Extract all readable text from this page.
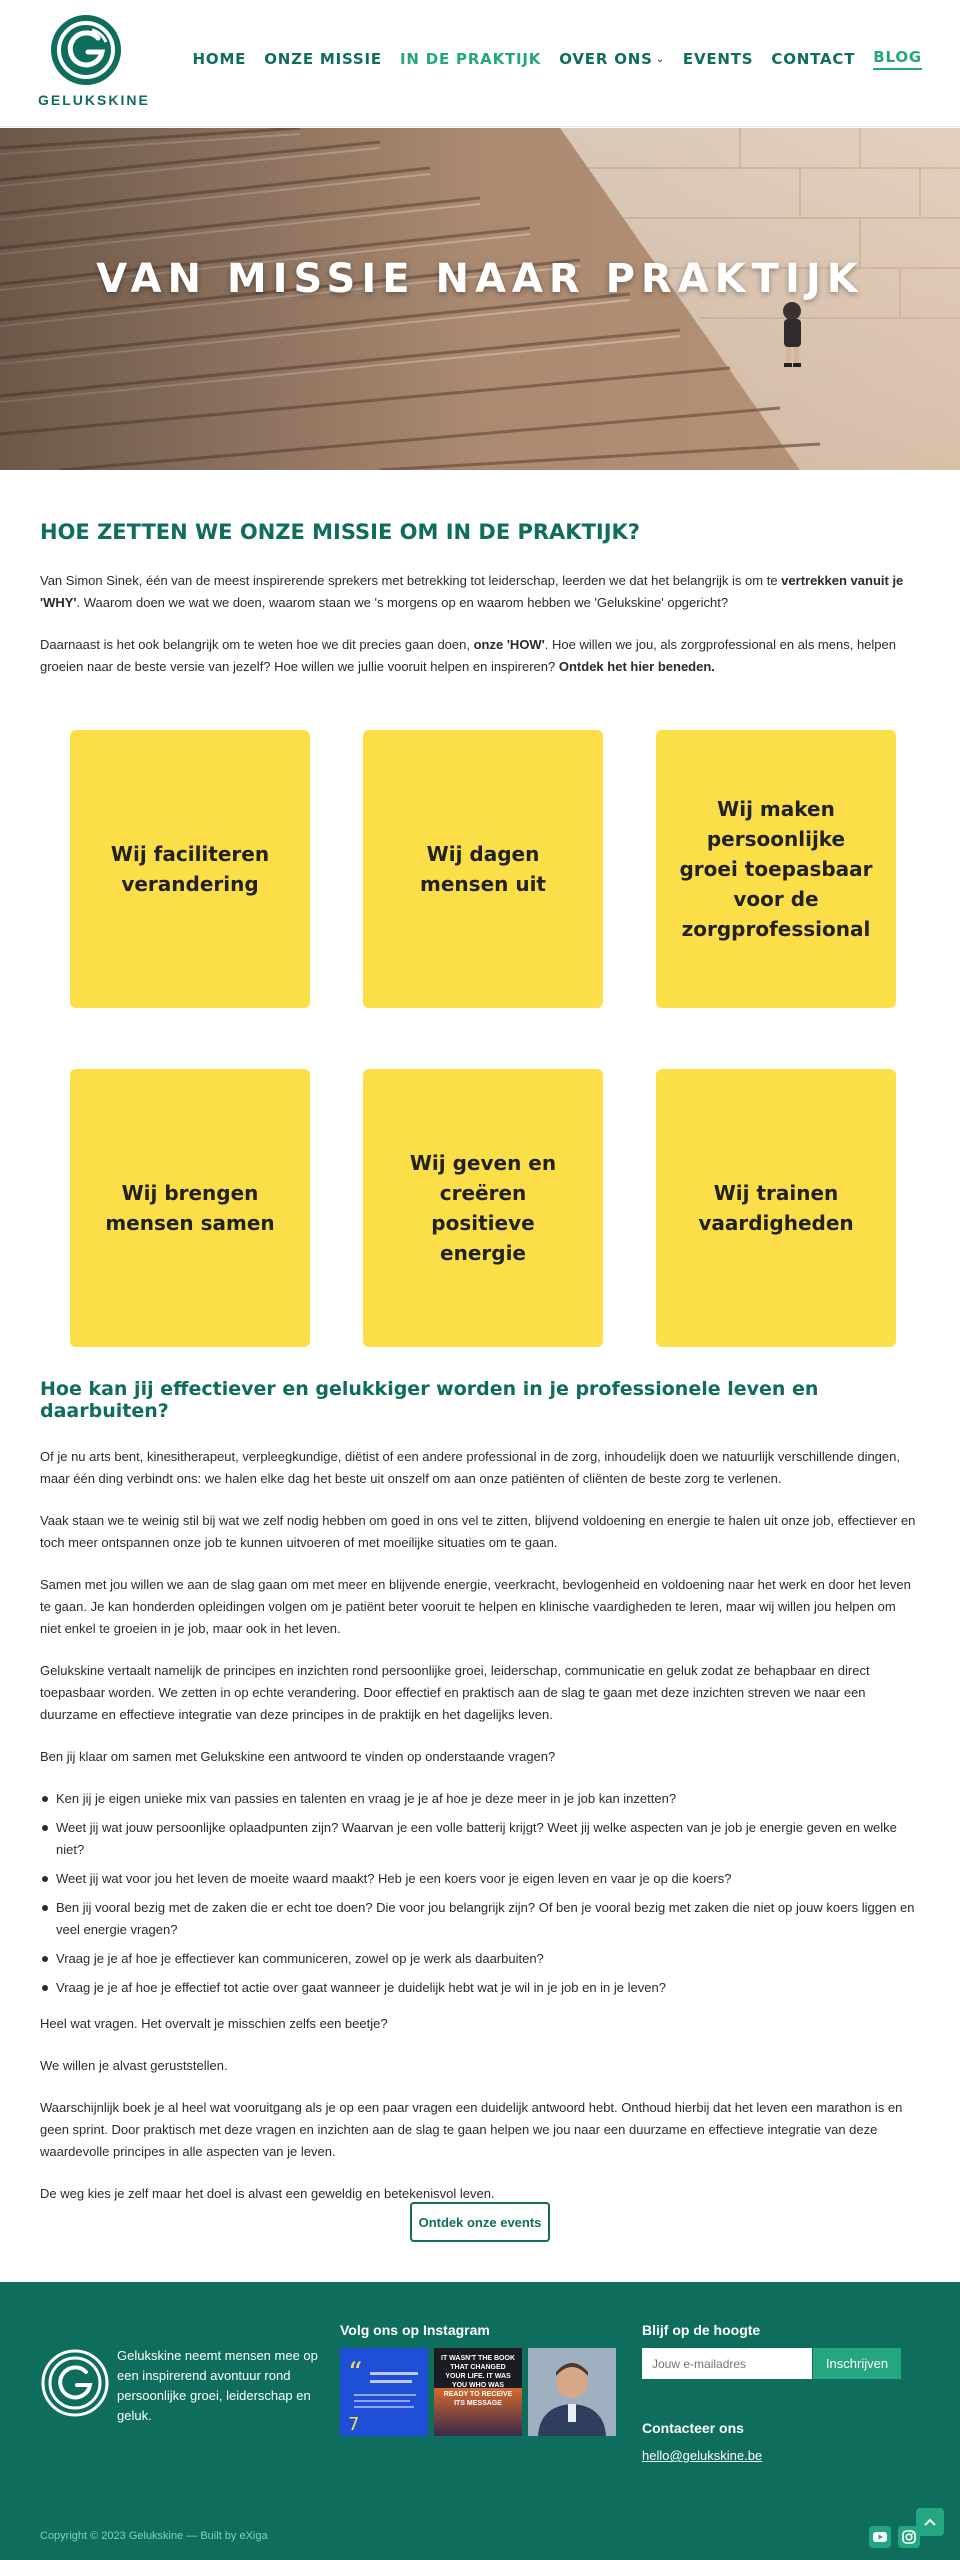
GELUKSKINE
HOME ONZE MISSIE IN DE PRAKTIJK OVER ONS ⌄ EVENTS CONTACT BLOG
VAN MISSIE NAAR PRAKTIJK
HOE ZETTEN WE ONZE MISSIE OM IN DE PRAKTIJK?

Van Simon Sinek, één van de meest inspirerende sprekers met betrekking tot leiderschap, leerden we dat het belangrijk is om te vertrekken vanuit je 'WHY'. Waarom doen we wat we doen, waarom staan we 's morgens op en waarom hebben we 'Gelukskine' opgericht?

Daarnaast is het ook belangrijk om te weten hoe we dit precies gaan doen, onze 'HOW'. Hoe willen we jou, als zorgprofessional en als mens, helpen groeien naar de beste versie van jezelf? Hoe willen we jullie vooruit helpen en inspireren? Ontdek het hier beneden.

Wij faciliteren verandering
Wij dagen mensen uit
Wij maken persoonlijke groei toepasbaar voor de zorgprofessional
Wij brengen mensen samen
Wij geven en creëren positieve energie
Wij trainen vaardigheden
Hoe kan jij effectiever en gelukkiger worden in je professionele leven en daarbuiten?

Of je nu arts bent, kinesitherapeut, verpleegkundige, diëtist of een andere professional in de zorg, inhoudelijk doen we natuurlijk verschillende dingen, maar één ding verbindt ons: we halen elke dag het beste uit onszelf om aan onze patiënten of cliënten de beste zorg te verlenen.

Vaak staan we te weinig stil bij wat we zelf nodig hebben om goed in ons vel te zitten, blijvend voldoening en energie te halen uit onze job, effectiever en toch meer ontspannen onze job te kunnen uitvoeren of met moeilijke situaties om te gaan.

Samen met jou willen we aan de slag gaan om met meer en blijvende energie, veerkracht, bevlogenheid en voldoening naar het werk en door het leven te gaan. Je kan honderden opleidingen volgen om je patiënt beter vooruit te helpen en klinische vaardigheden te leren, maar wij willen jou helpen om niet enkel te groeien in je job, maar ook in het leven.

Gelukskine vertaalt namelijk de principes en inzichten rond persoonlijke groei, leiderschap, communicatie en geluk zodat ze behapbaar en direct toepasbaar worden. We zetten in op echte verandering. Door effectief en praktisch aan de slag te gaan met deze inzichten streven we naar een duurzame en effectieve integratie van deze principes in de praktijk en het dagelijks leven.

Ben jij klaar om samen met Gelukskine een antwoord te vinden op onderstaande vragen?

Ken jij je eigen unieke mix van passies en talenten en vraag je je af hoe je deze meer in je job kan inzetten?
Weet jij wat jouw persoonlijke oplaadpunten zijn? Waarvan je een volle batterij krijgt? Weet jij welke aspecten van je job je energie geven en welke niet?
Weet jij wat voor jou het leven de moeite waard maakt? Heb je een koers voor je eigen leven en vaar je op die koers?
Ben jij vooral bezig met de zaken die er echt toe doen? Die voor jou belangrijk zijn? Of ben je vooral bezig met zaken die niet op jouw koers liggen en veel energie vragen?
Vraag je je af hoe je effectiever kan communiceren, zowel op je werk als daarbuiten?
Vraag je je af hoe je effectief tot actie over gaat wanneer je duidelijk hebt wat je wil in je job en in je leven?

Heel wat vragen. Het overvalt je misschien zelfs een beetje?

We willen je alvast geruststellen.

Waarschijnlijk boek je al heel wat vooruitgang als je op een paar vragen een duidelijk antwoord hebt. Onthoud hierbij dat het leven een marathon is en geen sprint. Door praktisch met deze vragen en inzichten aan de slag te gaan helpen we jou naar een duurzame en effectieve integratie van deze waardevolle principes in alle aspecten van je leven.

De weg kies je zelf maar het doel is alvast een geweldig en betekenisvol leven.

Ontdek onze events

Gelukskine neemt mensen mee op een inspirerend avontuur rond persoonlijke groei, leiderschap en geluk.

Volg ons op Instagram
“
7
IT WASN'T THE BOOK THAT CHANGED YOUR LIFE. IT WAS YOU WHO WAS READY TO RECEIVE ITS MESSAGE
Blijf op de hoogte
Jouw e-mailadres
Inschrijven
Contacteer ons
hello@gelukskine.be

Copyright © 2023 Gelukskine — Built by eXiga
